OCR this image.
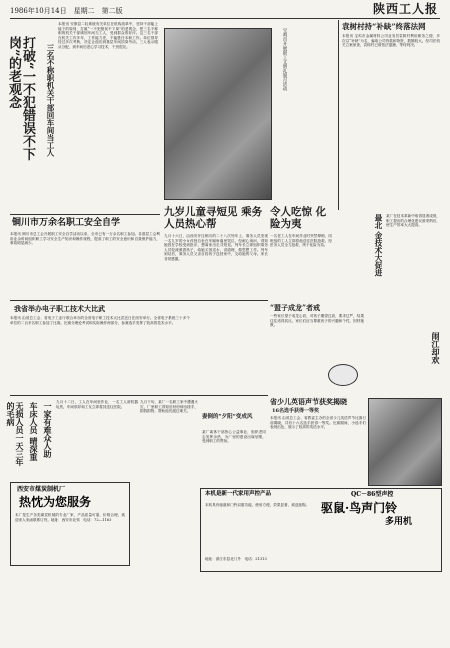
1986年10月14日　星期二　第二版	陕西工人报
打破“一不犯错误不下岗”的老观念	三名不称职机关干部回车间当工人
本报讯 安康县二轻系统有关单位在机构改革中，坚持干部能上能下的原则，打破“一不犯错误不下岗”的老观念，把三名不称职的机关干部调回车间当工人，受到群众的好评。这三名干部在机关工作多年，工作能力差，不能胜任本职工作。单位领导经过多次考核，决定让他们到基层车间顶岗劳动。三人表示服从分配，到车间后虚心学习技术，干劲很足。
铜川市万余名职工安全自学
本报讯 铜川市总工会开展职工安全自学活动以来，全市已有一万余名职工参加。各基层工会利用业余时间组织职工学习安全生产知识和操作规程，提高了职工的安全意识和自我保护能力，事故明显减少。
我省举办电子职工技术大比武
本报讯 由省总工会、省电子工业厅联合举办的全省电子职工技术大比武近日在西安举行。全省电子系统三十多个单位的二百多名职工参加了比赛。比赛分理论考试和实际操作两部分，参赛选手发挥了较高的技术水平。
无损人员一天三年的毛病	车床人员 晴深重 一家有难众人助 九月十二日，工人在车间里作业，一名工人被机器轧伤，车间领导和工友立即将其送往医院。
九月下旬，某厂一名职工家中遭遇火灾，厂里职工得知后纷纷伸出援手，捐钱捐物，帮助他们渡过难关。
西安市煤炭制机厂
热忱为您服务
本厂是生产各类煤炭机械的专业厂家，产品质量可靠，价格合理，欢迎来人来函联系订货。地址：西安市北郊　电话：72—1163
妻倒的“夕阳”变成风
某厂离休干部热心公益事业，组织老同志发挥余热，为厂里的建设出谋划策，受到职工的赞扬。
九岁儿童寻短见 乘务人员热心帮
九月十六日，由西安开往铜川的二十八次列车上，乘务人员发现一名九岁的小女孩独自坐在车厢角落里哭泣。经耐心询问，得知她因在学校受到批评，想离家出走寻短见。列车长立即组织乘务人员轮流照看孩子，给她买饭送水，讲道理，做思想工作。列车到站后，乘务人员又亲自将孩子送回家中，交给她的父母。家长非常感激。
宝鸡市开展职工文明礼貌月活动
令人吃惊 化险为夷
一名老工人在车间作业时突然晕倒，同班组的工人立即将他送往医院抢救。经医务人员全力抢救，终于化险为夷。
“盟子成龙”者戒
一些家长望子成龙心切，对孩子期望过高，要求过严，结果往往适得其反。家长们应当尊重孩子的兴趣和个性，因材施教。
省少儿英语声节获奖揭晓
16名选手获得一等奖
本报讯 由省总工会、省教委主办的全省少儿英语声节比赛日前揭晓，共有十六名选手获得一等奖。比赛期间，小选手们表现出色，展示了较高的英语水平。
袁树村持“补缺”终落法网
本报讯 宝鸡市金属材料公司业务员袁树村利用职务之便，多次以“补缺”为名，骗取公司货款和物资，数额较大。经司法机关立案侦查，袁树村已被依法逮捕，等待判决。
最北 金技术大促进 某厂在技术革新中取得显著成绩，职工提出的合理化建议被采纳后，使生产效率大大提高。
闹江却欢
本机是新一代家用声控产品	QC－86型声控
驱鼠·鸟声门铃
多用机
本机具有驱鼠和门铃双重功能，使用方便，效果显著，欢迎选购。
地址：浙江东县北门外　电话：21313
